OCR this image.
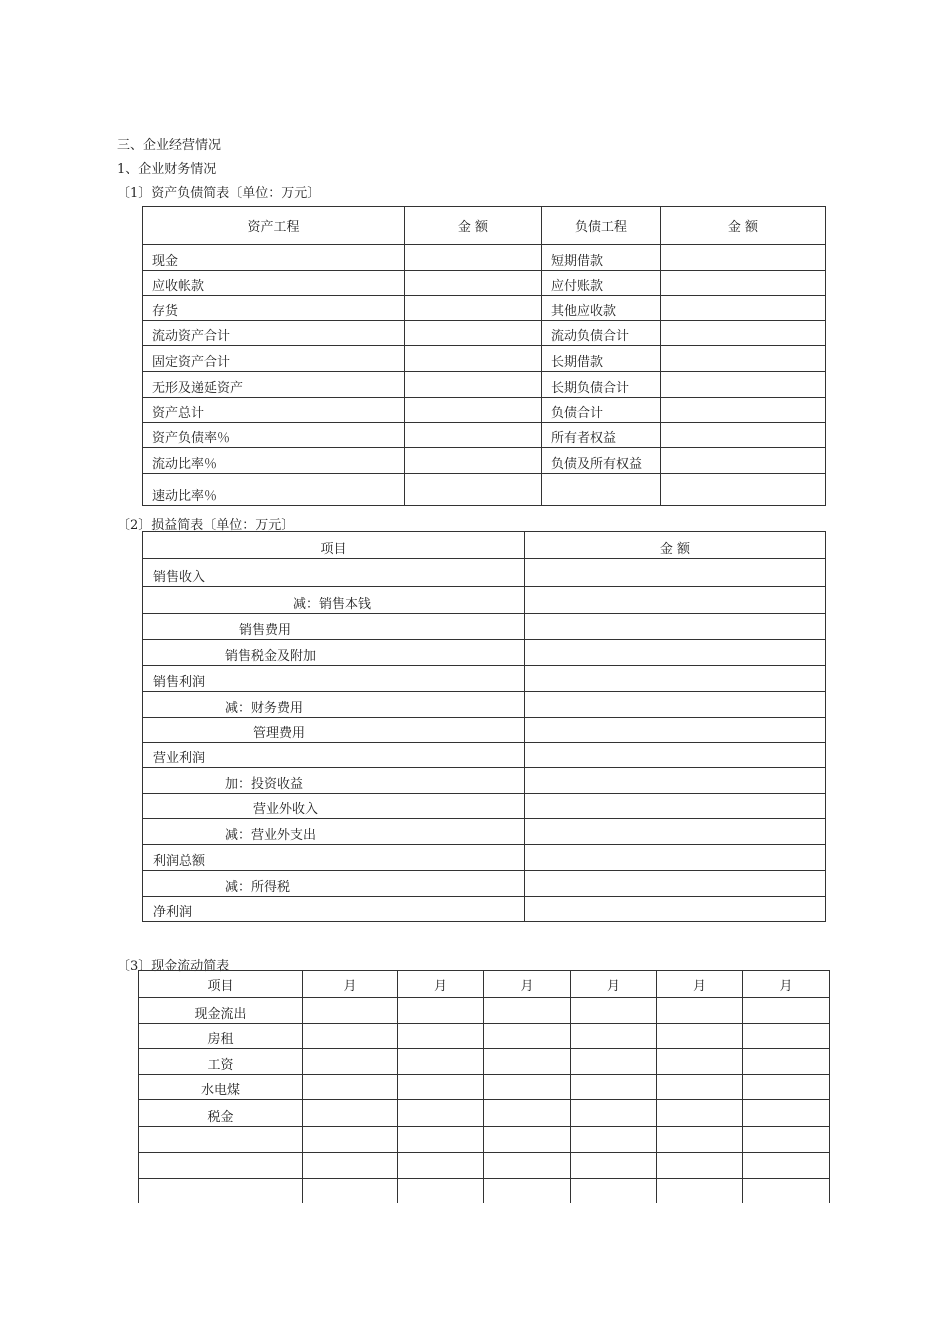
三、企业经营情况
1、企业财务情况
〔1〕资产负债简表〔单位：万元〕
资产工程	金 额	负债工程	金 额
现金		短期借款	
应收帐款		应付账款	
存货		其他应收款	
流动资产合计		流动负债合计	
固定资产合计		长期借款	
无形及递延资产		长期负债合计	
资产总计		负债合计	
资产负债率％		所有者权益	
流动比率％		负债及所有权益	
速动比率％			
〔2〕损益简表〔单位：万元〕
项目	金 额
销售收入	
减：销售本钱	
销售费用	
销售税金及附加	
销售利润	
减：财务费用	
管理费用	
营业利润	
加：投资收益	
营业外收入	
减：营业外支出	
利润总额	
减：所得税	
净利润	
〔3〕现金流动简表
项目	月	月	月	月	月	月
现金流出						
房租						
工资						
水电煤						
税金						
